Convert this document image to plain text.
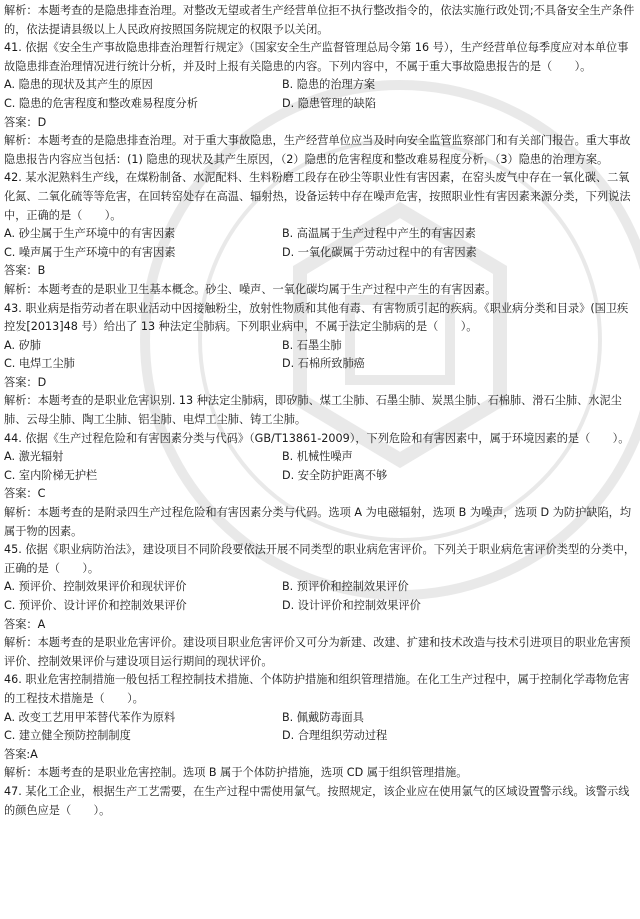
解析：本题考查的是隐患排查治理。对整改无望或者生产经营单位拒不执行整改指令的，依法实施行政处罚;不具备安全生产条件的，依法提请县级以上人民政府按照国务院规定的权限予以关闭。
41. 依据《安全生产事故隐患排查治理暂行规定》（国家安全生产监督管理总局令第 16 号），生产经营单位每季度应对本单位事故隐患排查治理情况进行统计分析，并及时上报有关隐患的内容。下列内容中，不属于重大事故隐患报告的是（　　）。
A. 隐患的现状及其产生的原因	B. 隐患的治理方案
C. 隐患的危害程度和整改难易程度分析	D. 隐患管理的缺陷
答案：D
解析：本题考查的是隐患排查治理。对于重大事故隐患，生产经营单位应当及时向安全监管监察部门和有关部门报告。重大事故隐患报告内容应当包括：(1) 隐患的现状及其产生原因，（2）隐患的危害程度和整改难易程度分析，（3）隐患的治理方案。
42. 某水泥熟料生产线，在煤粉制备、水泥配料、生料粉磨工段存在砂尘等职业性有害因素，在窑头废气中存在一氧化碳、二氧化氮、二氧化硫等等危害，在回转窑处存在高温、辐射热，设备运转中存在噪声危害，按照职业性有害因素来源分类，下列说法中，正确的是（　　）。
A. 砂尘属于生产环境中的有害因素	B. 高温属于生产过程中产生的有害因素
C. 噪声属于生产环境中的有害因素	D. 一氧化碳属于劳动过程中的有害因素
答案：B
解析：本题考查的是职业卫生基本概念。砂尘、噪声、一氧化碳均属于生产过程中产生的有害因素。
43. 职业病是指劳动者在职业活动中因接触粉尘，放射性物质和其他有毒、有害物质引起的疾病。《职业病分类和目录》(国卫疾控发[2013]48 号）给出了 13 种法定尘肺病。下列职业病中，不属于法定尘肺病的是（　　）。
A. 矽肺	B. 石墨尘肺
C. 电焊工尘肺	D. 石棉所致肺癌
答案：D
解析：本题考查的是职业危害识别. 13 种法定尘肺病，即矽肺、煤工尘肺、石墨尘肺、炭黑尘肺、石棉肺、滑石尘肺、水泥尘肺、云母尘肺、陶工尘肺、铝尘肺、电焊工尘肺、铸工尘肺。
44. 依据《生产过程危险和有害因素分类与代码》（GB/T13861-2009），下列危险和有害因素中，属于环境因素的是（　　）。
A. 激光辐射	B. 机械性噪声
C. 室内阶梯无护栏	D. 安全防护距离不够
答案：C
解析：本题考查的是附录四生产过程危险和有害因素分类与代码。选项 A 为电磁辐射，选项 B 为噪声，选项 D 为防护缺陷，均属于物的因素。
45. 依据《职业病防治法》，建设项目不同阶段要依法开展不同类型的职业病危害评价。下列关于职业病危害评价类型的分类中，正确的是（　　）。
A. 预评价、控制效果评价和现状评价	B. 预评价和控制效果评价
C. 预评价、设计评价和控制效果评价	D. 设计评价和控制效果评价
答案：A
解析：本题考查的是职业危害评价。建设项目职业危害评价又可分为新建、改建、扩建和技术改造与技术引进项目的职业危害预评价、控制效果评价与建设项目运行期间的现状评价。
46. 职业危害控制措施一般包括工程控制技术措施、个体防护措施和组织管理措施。在化工生产过程中，属于控制化学毒物危害的工程技术措施是（　　）。
A. 改变工艺用甲苯替代苯作为原料	B. 佩戴防毒面具
C. 建立健全预防控制制度	D. 合理组织劳动过程
答案:A
解析：本题考查的是职业危害控制。选项 B 属于个体防护措施，选项 CD 属于组织管理措施。
47. 某化工企业，根据生产工艺需要，在生产过程中需使用氯气。按照规定，该企业应在使用氯气的区域设置警示线。该警示线的颜色应是（　　）。
